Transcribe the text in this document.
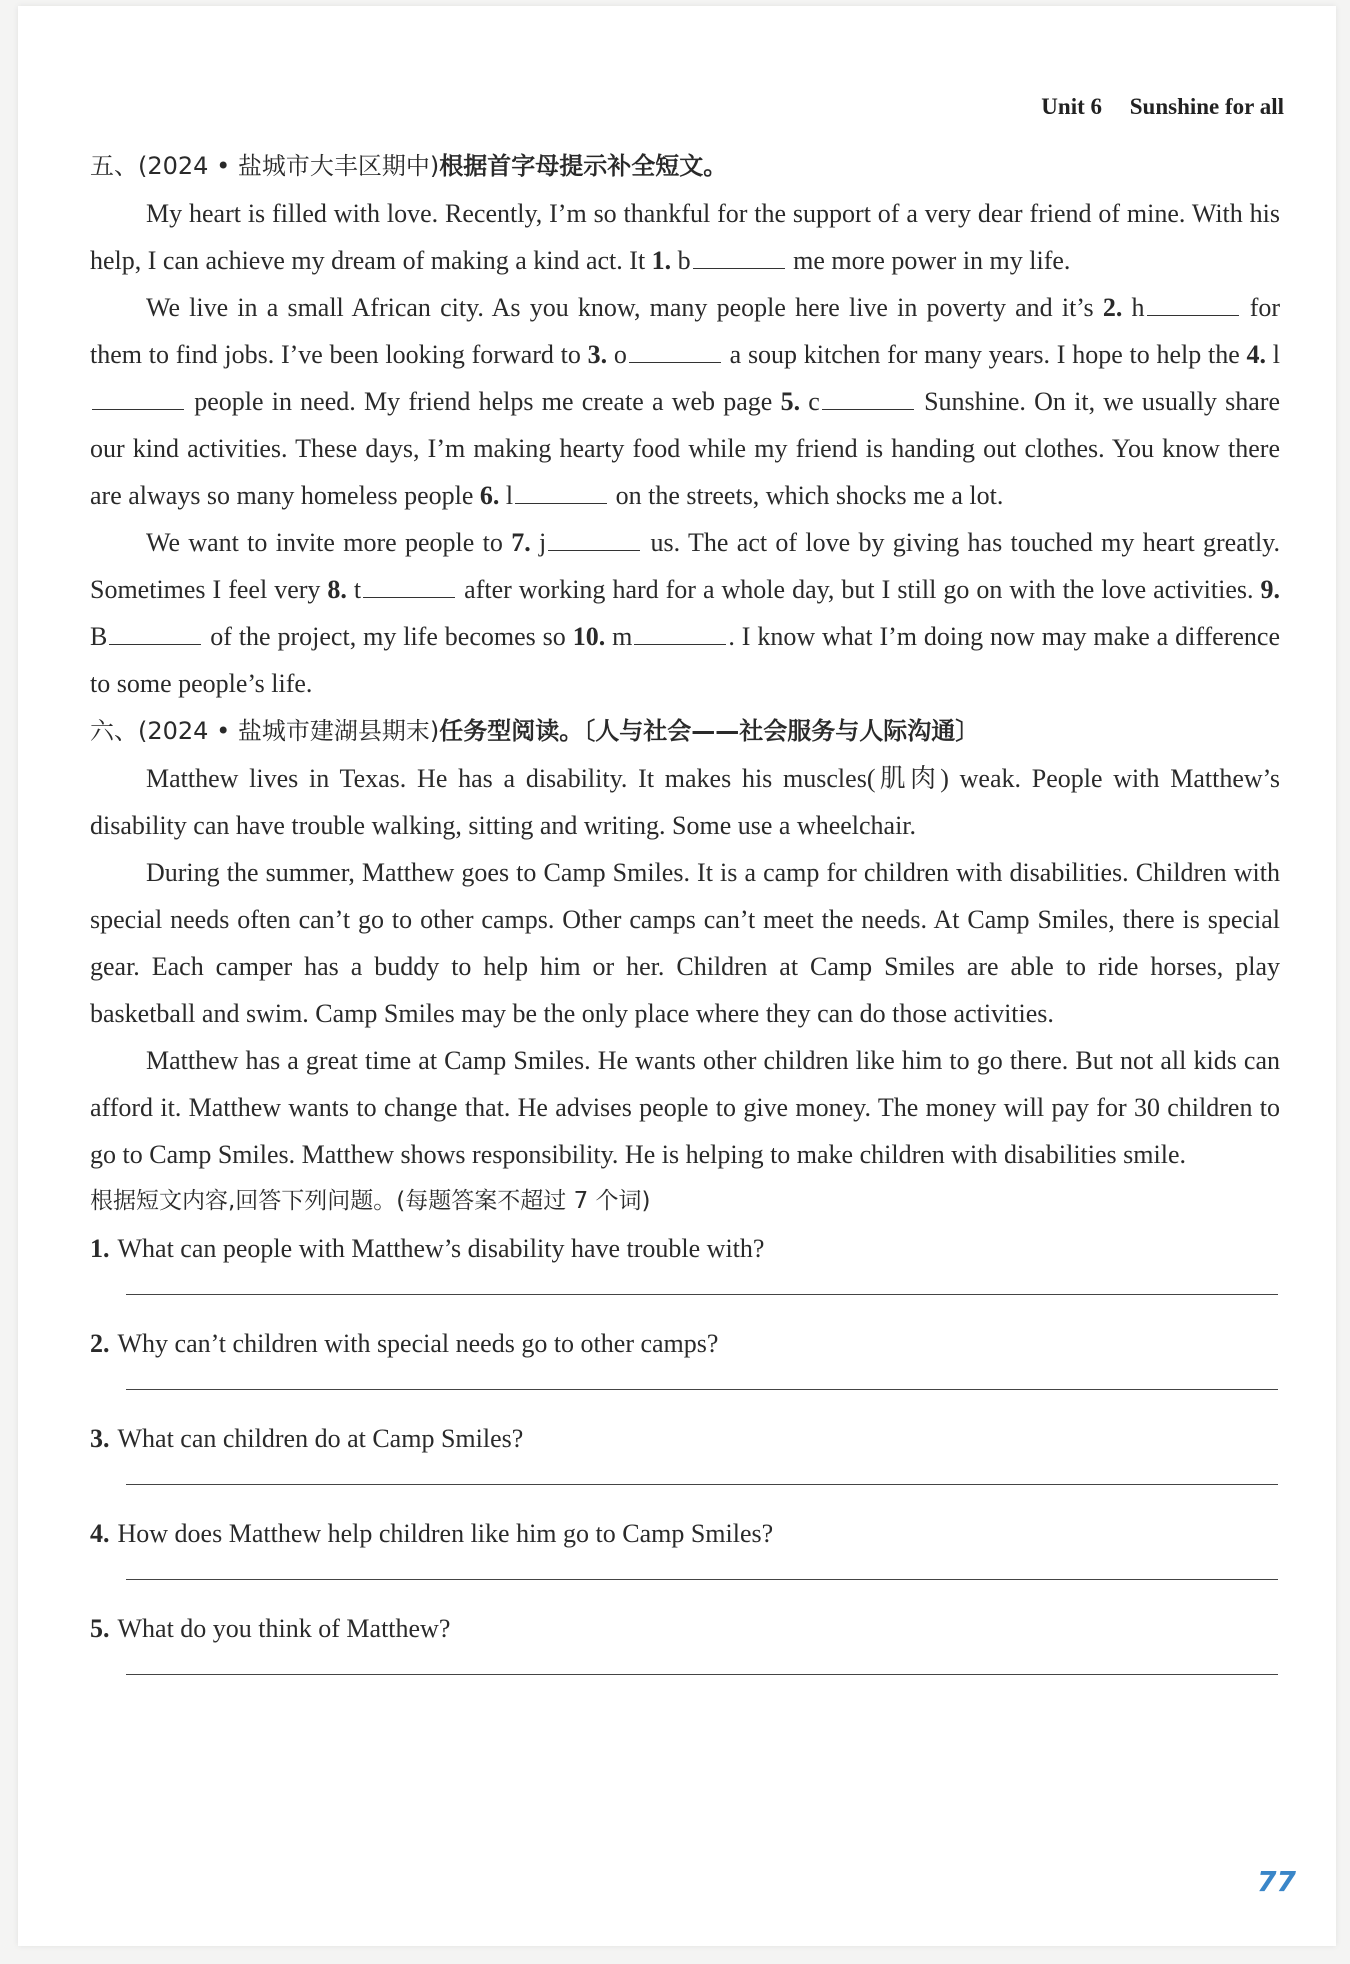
Unit 6 Sunshine for all

五、(2024 • 盐城市大丰区期中)根据首字母提示补全短文。

My heart is filled with love. Recently, I’m so thankful for the support of a very dear friend of mine. With his help, I can achieve my dream of making a kind act. It 1. b	me more power in my life.

We live in a small African city. As you know, many people here live in poverty and it’s 2. h	for them to find jobs. I’ve been looking forward to 3. o	a soup kitchen for many years. I hope to help the 4. l people in need. My friend helps me create a web page 5. c	Sunshine. On it, we usually share our kind activities. These days, I’m making hearty food while my friend is handing out clothes. You know there are always so many homeless people 6. l	on the streets, which shocks me a lot.

We want to invite more people to 7. j	us. The act of love by giving has touched my heart greatly. Sometimes I feel very 8. t	after working hard for a whole day, but I still go on with the love activities. 9. B	of the project, my life becomes so 10. m	. I know what I’m doing now may make a difference to some people’s life.

六、(2024 • 盐城市建湖县期末)任务型阅读。〔人与社会——社会服务与人际沟通〕

Matthew lives in Texas. He has a disability. It makes his muscles(肌肉) weak. People with Matthew’s disability can have trouble walking, sitting and writing. Some use a wheelchair.

During the summer, Matthew goes to Camp Smiles. It is a camp for children with disabilities. Children with special needs often can’t go to other camps. Other camps can’t meet the needs. At Camp Smiles, there is special gear. Each camper has a buddy to help him or her. Children at Camp Smiles are able to ride horses, play basketball and swim. Camp Smiles may be the only place where they can do those activities.

Matthew has a great time at Camp Smiles. He wants other children like him to go there. But not all kids can afford it. Matthew wants to change that. He advises people to give money. The money will pay for 30 children to go to Camp Smiles. Matthew shows responsibility. He is helping to make children with disabilities smile.

根据短文内容,回答下列问题。(每题答案不超过 7 个词)

1. What can people with Matthew’s disability have trouble with?

2. Why can’t children with special needs go to other camps?

3. What can children do at Camp Smiles?

4. How does Matthew help children like him go to Camp Smiles?

5. What do you think of Matthew?

77
